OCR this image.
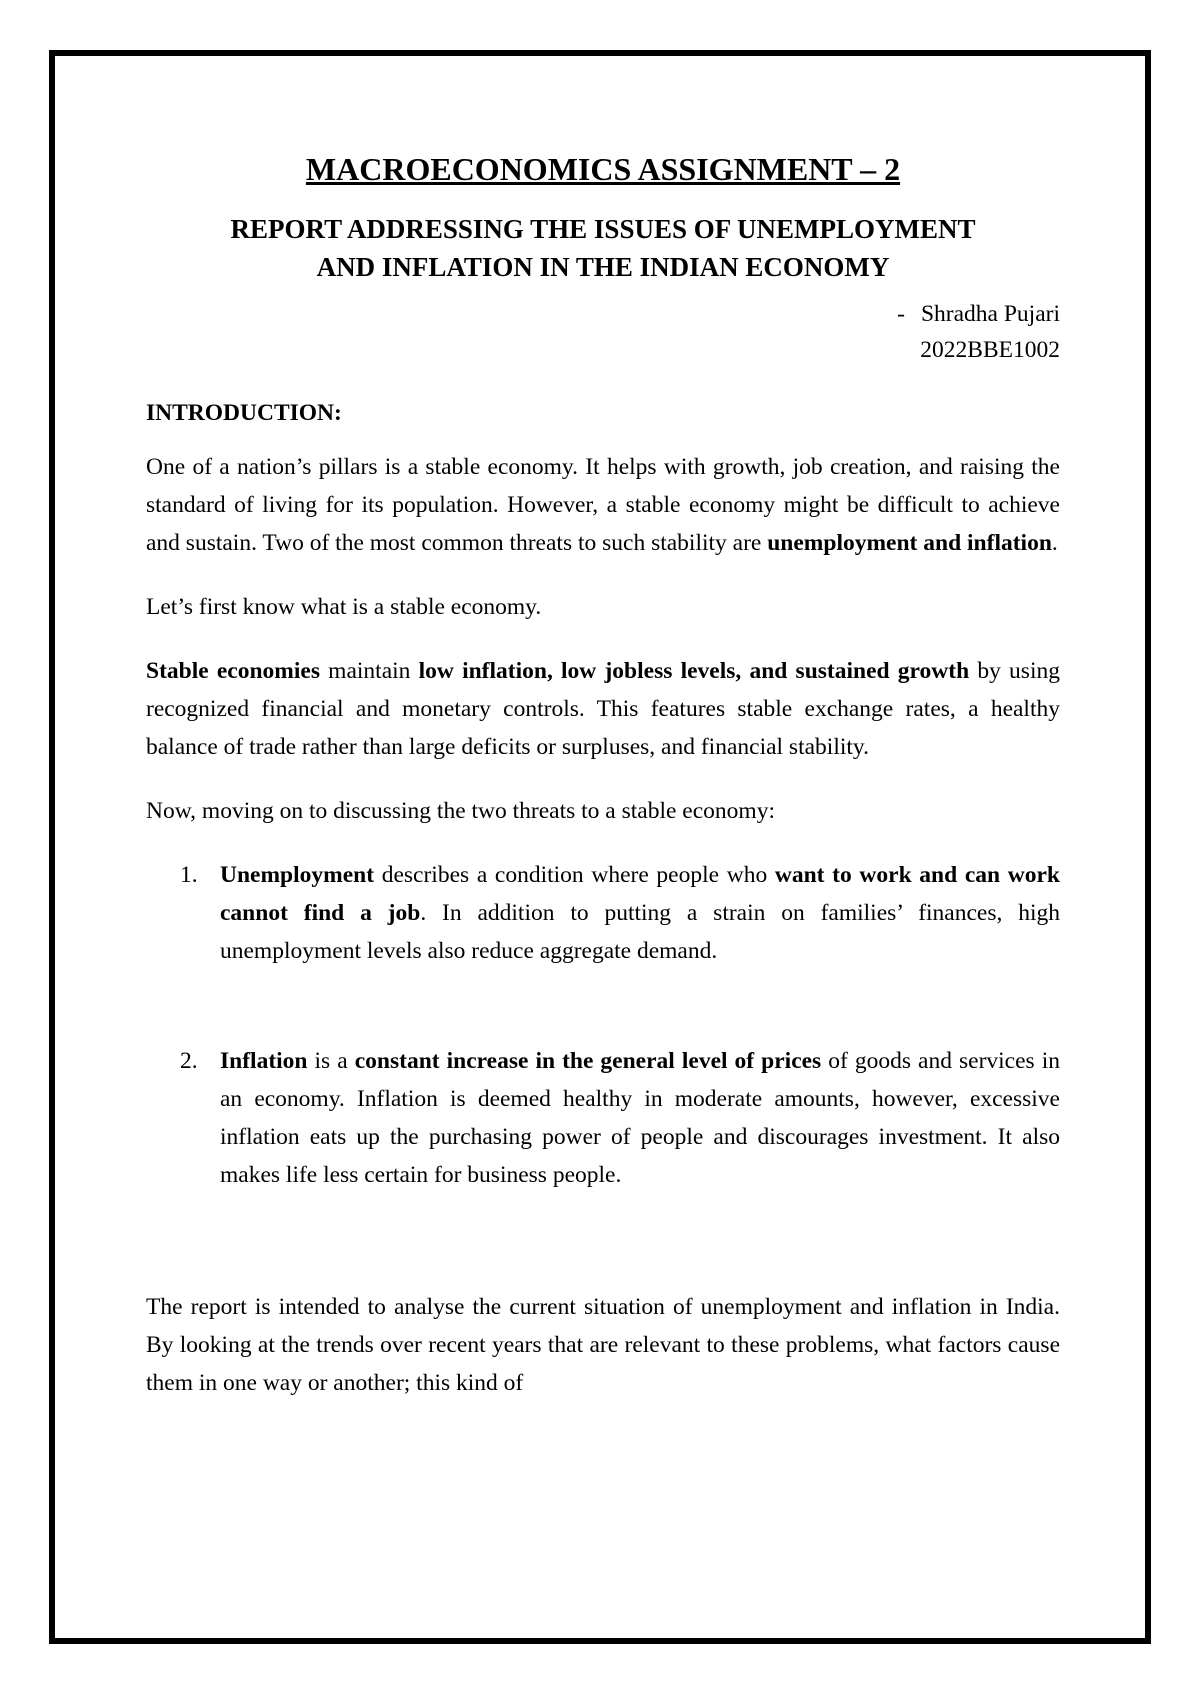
MACROECONOMICS ASSIGNMENT – 2
REPORT ADDRESSING THE ISSUES OF UNEMPLOYMENT
AND INFLATION IN THE INDIAN ECONOMY
- Shradha Pujari
2022BBE1002
INTRODUCTION:

One of a nation’s pillars is a stable economy. It helps with growth, job creation, and raising the standard of living for its population. However, a stable economy might be difficult to achieve and sustain. Two of the most common threats to such stability are unemployment and inflation.

Let’s first know what is a stable economy.

Stable economies maintain low inflation, low jobless levels, and sustained growth by using recognized financial and monetary controls. This features stable exchange rates, a healthy balance of trade rather than large deficits or surpluses, and financial stability.

Now, moving on to discussing the two threats to a stable economy:

1. Unemployment describes a condition where people who want to work and can work cannot find a job. In addition to putting a strain on families’ finances, high unemployment levels also reduce aggregate demand.
2. Inflation is a constant increase in the general level of prices of goods and services in an economy. Inflation is deemed healthy in moderate amounts, however, excessive inflation eats up the purchasing power of people and discourages investment. It also makes life less certain for business people.

The report is intended to analyse the current situation of unemployment and inflation in India. By looking at the trends over recent years that are relevant to these problems, what factors cause them in one way or another; this kind of
